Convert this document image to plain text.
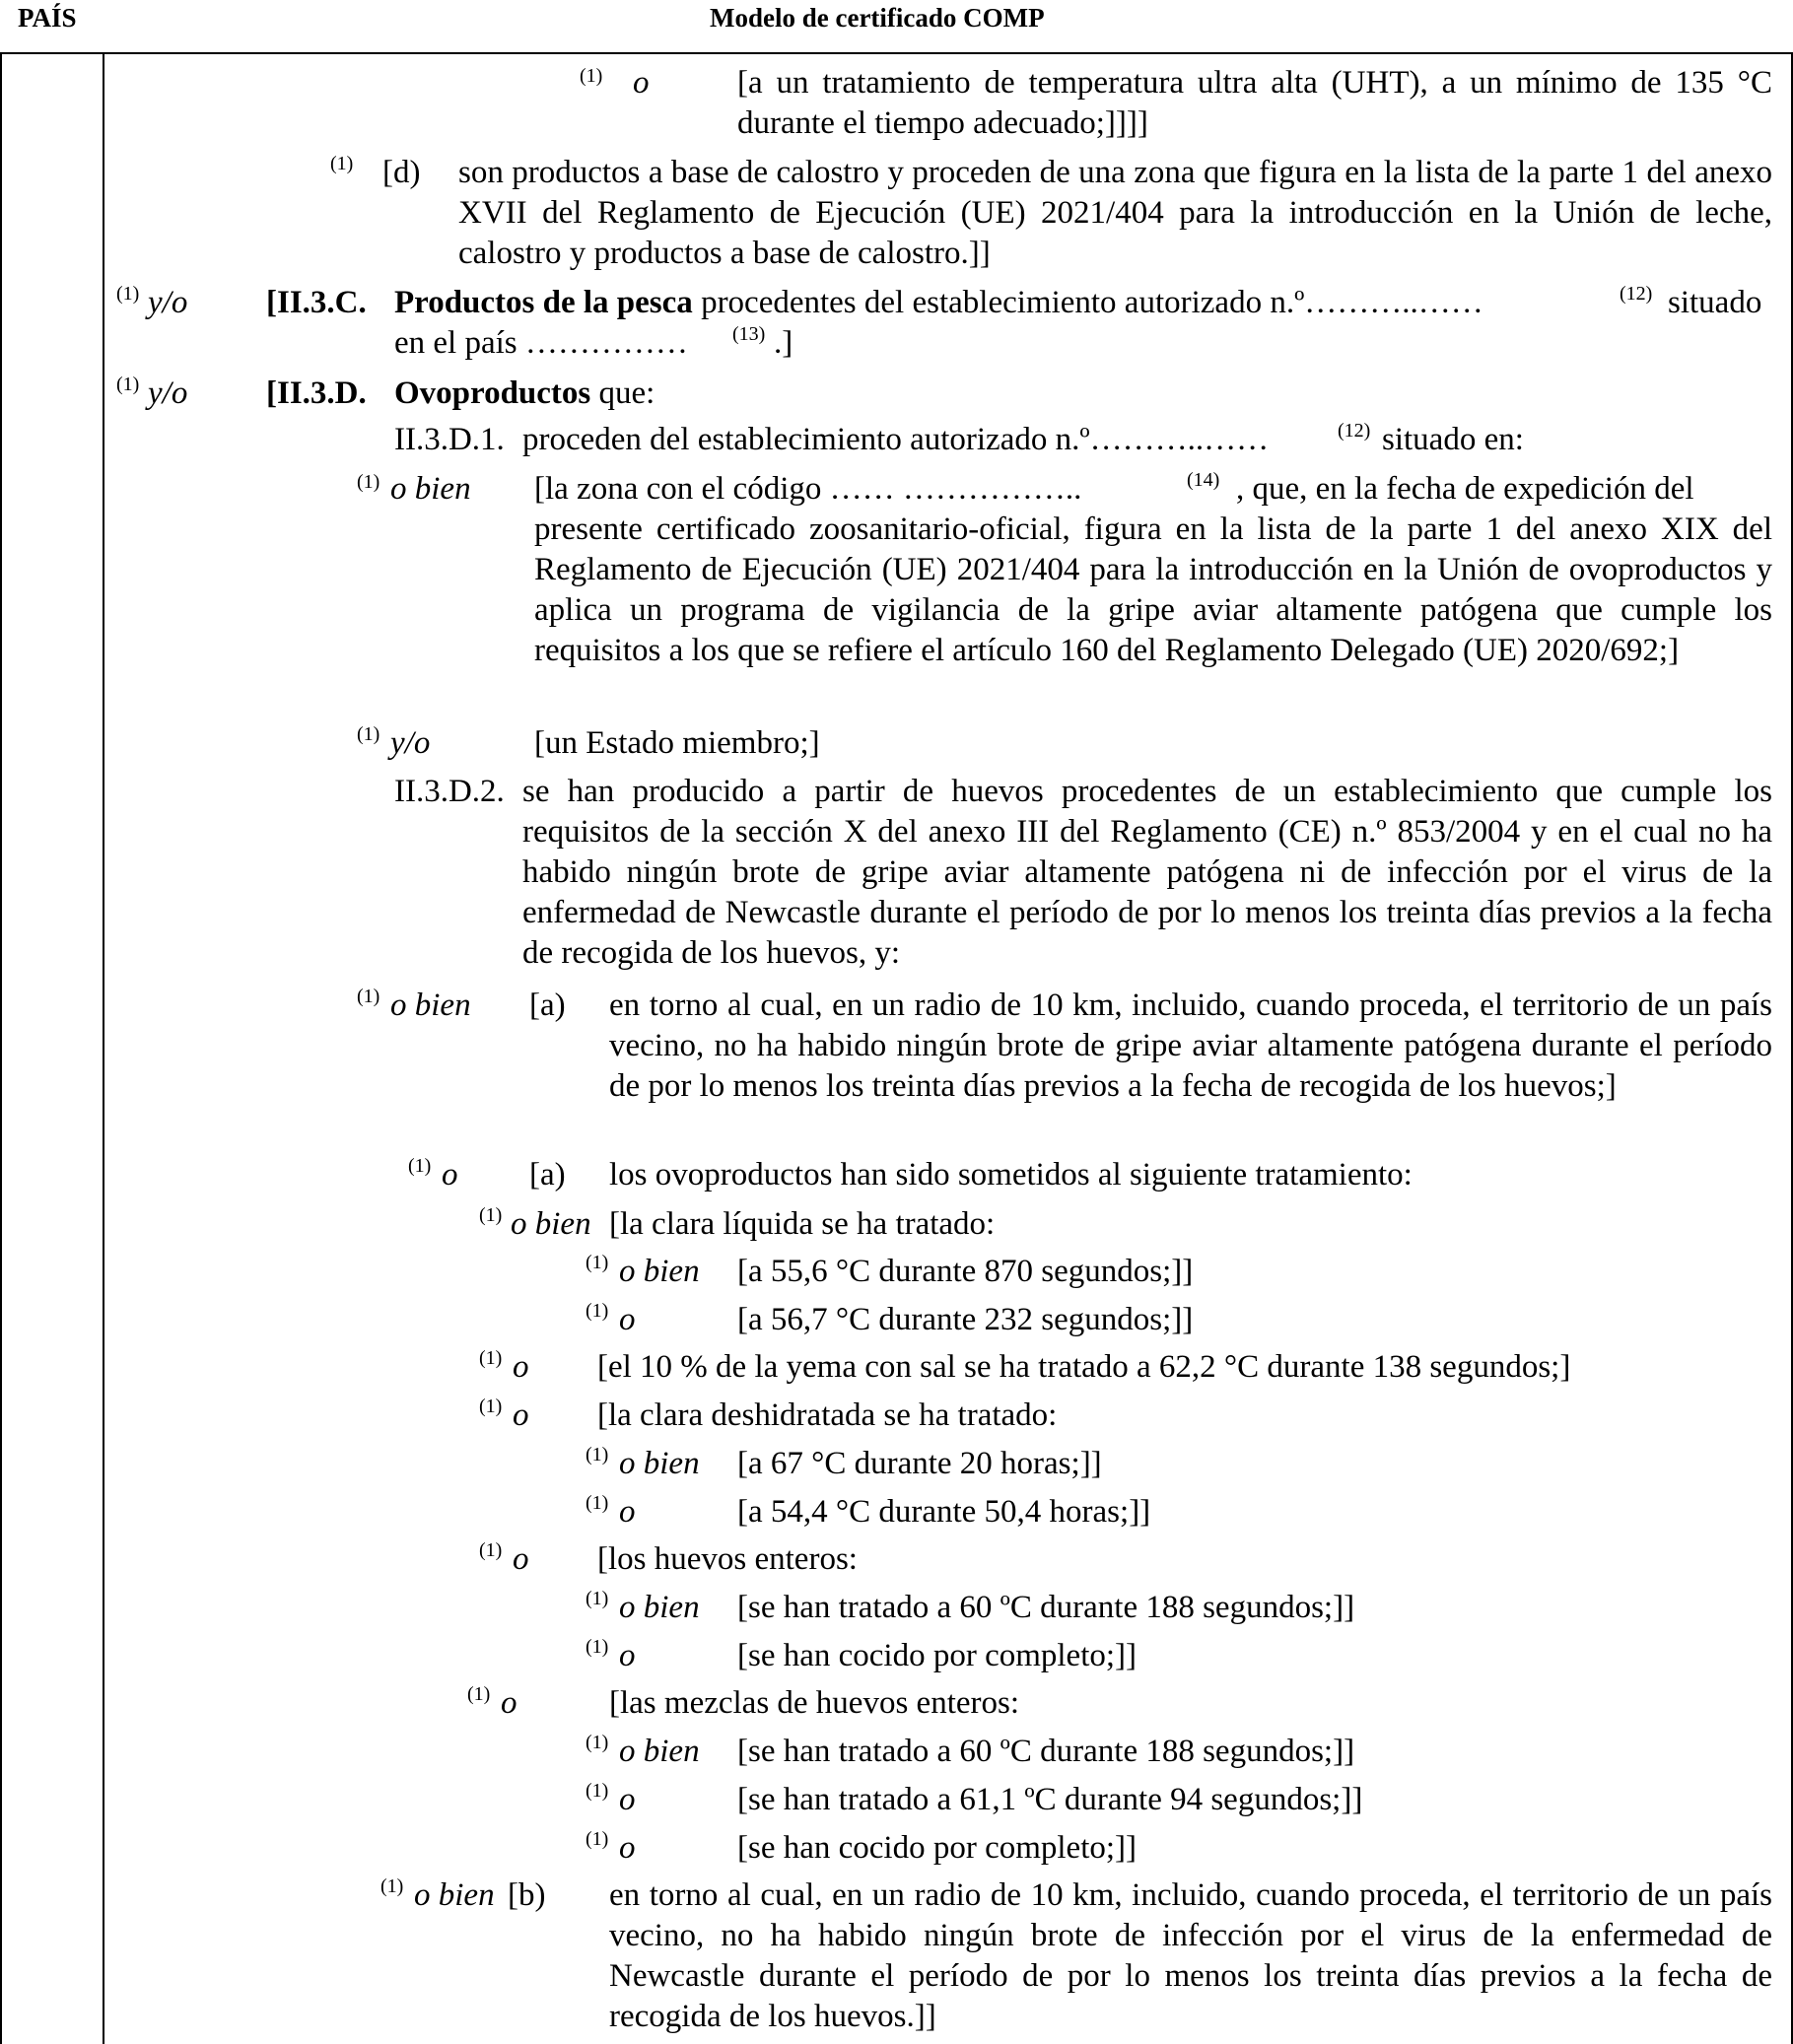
PAÍS	Modelo de certificado COMP
(1) o	[a un tratamiento de temperatura ultra alta (UHT), a un mínimo de 135 °C durante el tiempo adecuado;]]]]
(1) [d) son productos a base de calostro y proceden de una zona que figura en la lista de la parte 1 del anexo XVII del Reglamento de Ejecución (UE) 2021/404 para la introducción en la Unión de leche, calostro y productos a base de calostro.]]
(1) y/o [II.3.C. Productos de la pesca procedentes del establecimiento autorizado n.º………..……	(12) situado
en el país …………… (13) .]
(1) y/o [II.3.D. Ovoproductos que:
II.3.D.1. proceden del establecimiento autorizado n.º………..……	(12) situado en:
(1) o bien [la zona con el código …… ……………..	(14) , que, en la fecha de expedición del
presente certificado zoosanitario-oficial, figura en la lista de la parte 1 del anexo XIX del Reglamento de Ejecución (UE) 2021/404 para la introducción en la Unión de ovoproductos y aplica un programa de vigilancia de la gripe aviar altamente patógena que cumple los requisitos a los que se refiere el artículo 160 del Reglamento Delegado (UE) 2020/692;]
(1) y/o	[un Estado miembro;]
II.3.D.2. se han producido a partir de huevos procedentes de un establecimiento que cumple los requisitos de la sección X del anexo III del Reglamento (CE) n.º 853/2004 y en el cual no ha habido ningún brote de gripe aviar altamente patógena ni de infección por el virus de la enfermedad de Newcastle durante el período de por lo menos los treinta días previos a la fecha de recogida de los huevos, y:
(1) o bien [a) en torno al cual, en un radio de 10 km, incluido, cuando proceda, el territorio de un país vecino, no ha habido ningún brote de gripe aviar altamente patógena durante el período de por lo menos los treinta días previos a la fecha de recogida de los huevos;]
(1) o [a) los ovoproductos han sido sometidos al siguiente tratamiento:
(1) o bien [la clara líquida se ha tratado:
(1) o bien [a 55,6 °C durante 870 segundos;]]
(1) o	[a 56,7 °C durante 232 segundos;]]
(1) o [el 10 % de la yema con sal se ha tratado a 62,2 °C durante 138 segundos;]
(1) o [la clara deshidratada se ha tratado:
(1) o bien [a 67 °C durante 20 horas;]]
(1) o	[a 54,4 °C durante 50,4 horas;]]
(1) o [los huevos enteros:
(1) o bien [se han tratado a 60 ºC durante 188 segundos;]]
(1) o	[se han cocido por completo;]]
(1) o	[las mezclas de huevos enteros:
(1) o bien [se han tratado a 60 ºC durante 188 segundos;]]
(1) o	[se han tratado a 61,1 ºC durante 94 segundos;]]
(1) o	[se han cocido por completo;]]
(1) o bien [b) en torno al cual, en un radio de 10 km, incluido, cuando proceda, el territorio de un país vecino, no ha habido ningún brote de infección por el virus de la enfermedad de Newcastle durante el período de por lo menos los treinta días previos a la fecha de recogida de los huevos.]]
